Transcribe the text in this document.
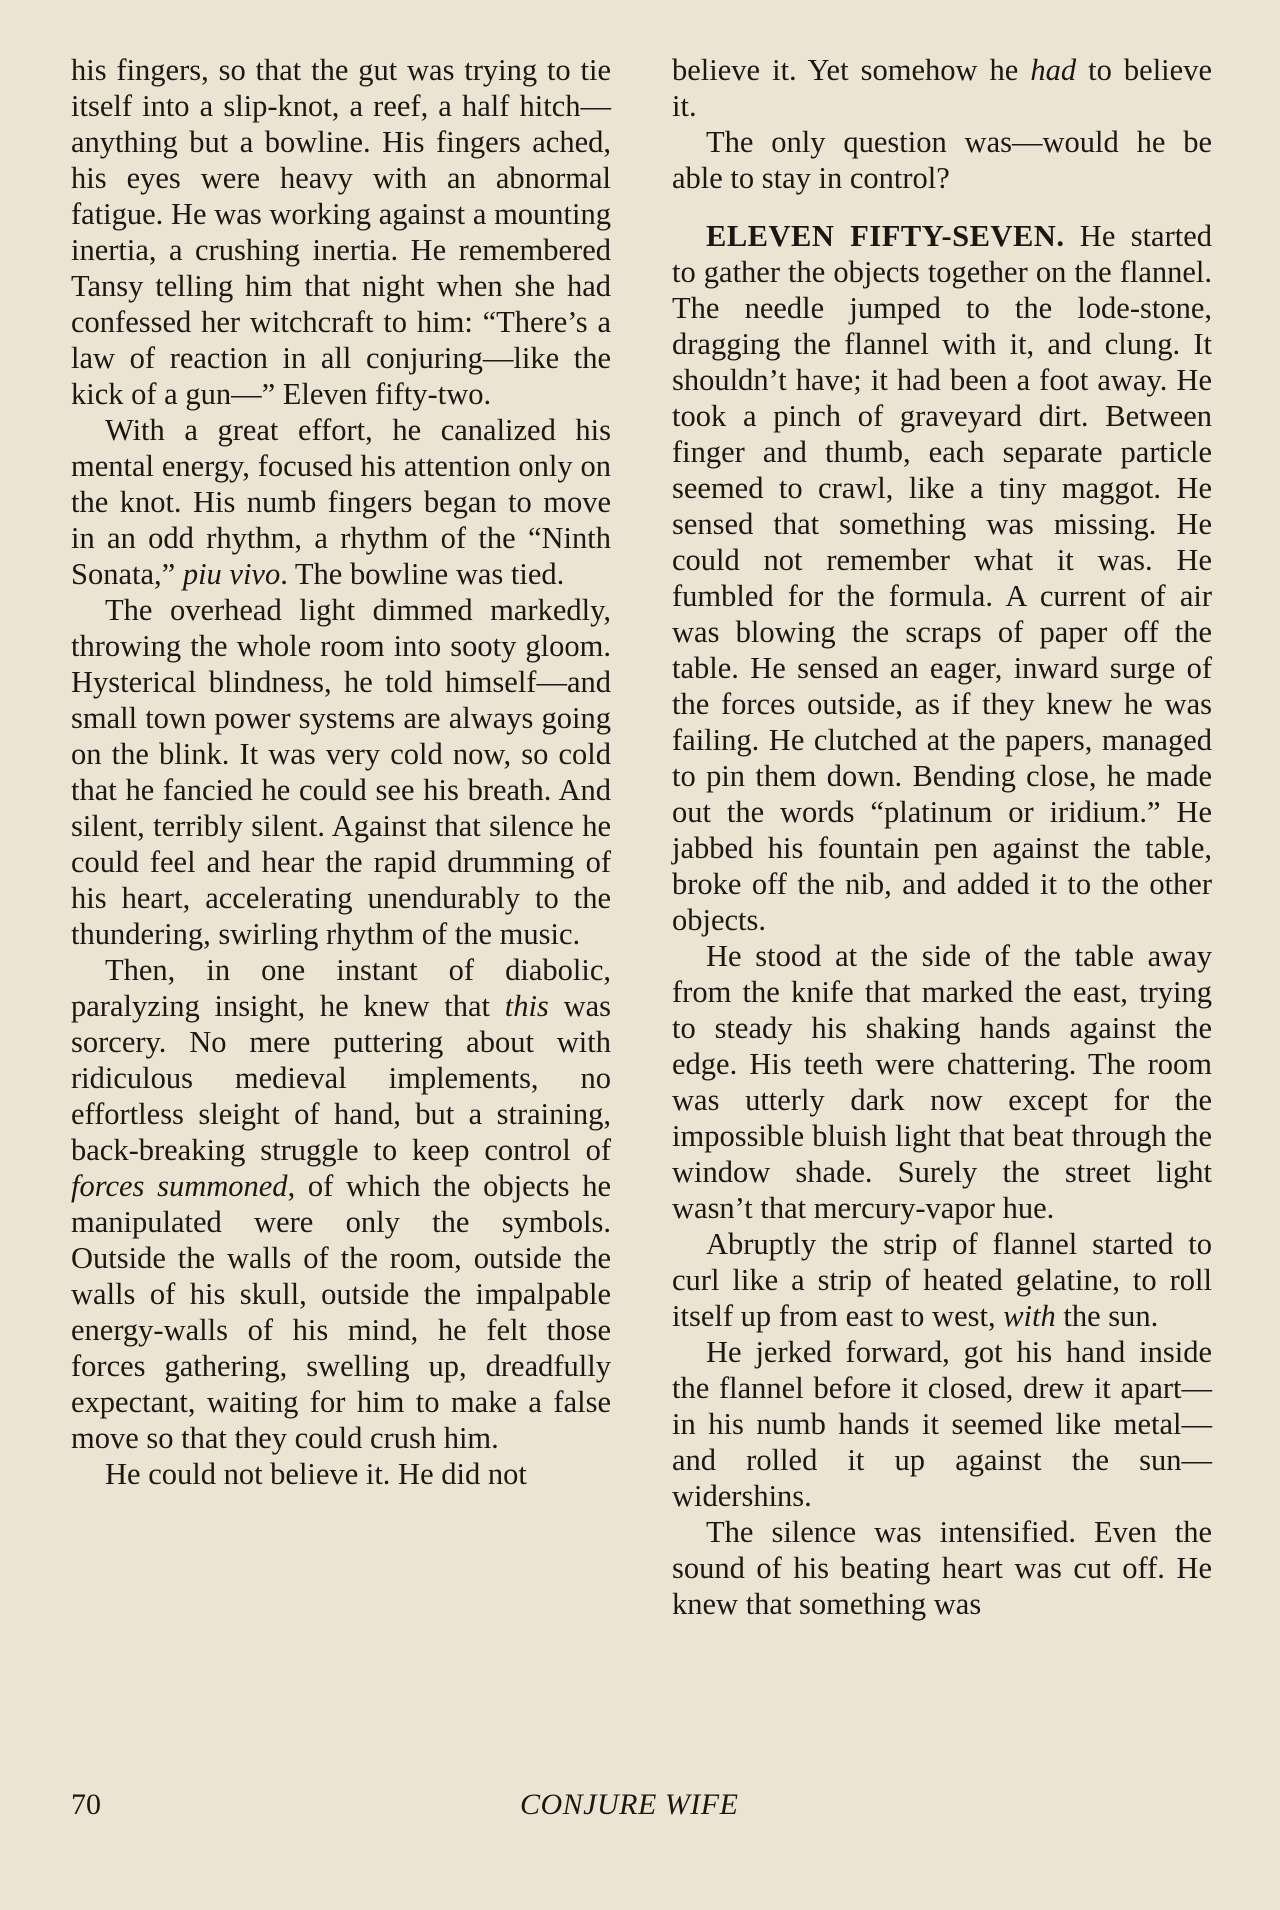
his fingers, so that the gut was trying to tie itself into a slip-knot, a reef, a half hitch—anything but a bowline. His fingers ached, his eyes were heavy with an abnormal fatigue. He was working against a mounting inertia, a crushing inertia. He remembered Tansy telling him that night when she had confessed her witchcraft to him: “There’s a law of reaction in all conjuring—like the kick of a gun—” Eleven fifty-two.

With a great effort, he canalized his mental energy, focused his attention only on the knot. His numb fingers began to move in an odd rhythm, a rhythm of the “Ninth Sonata,” piu vivo. The bowline was tied.

The overhead light dimmed markedly, throwing the whole room into sooty gloom. Hysterical blindness, he told himself—and small town power systems are always going on the blink. It was very cold now, so cold that he fancied he could see his breath. And silent, terribly silent. Against that silence he could feel and hear the rapid drumming of his heart, accelerating unendurably to the thundering, swirling rhythm of the music.

Then, in one instant of diabolic, paralyzing insight, he knew that this was sorcery. No mere puttering about with ridiculous medieval implements, no effortless sleight of hand, but a straining, back-breaking struggle to keep control of forces summoned, of which the objects he manipulated were only the symbols. Outside the walls of the room, outside the walls of his skull, outside the impalpable energy-walls of his mind, he felt those forces gathering, swelling up, dreadfully expectant, waiting for him to make a false move so that they could crush him.

He could not believe it. He did not

believe it. Yet somehow he had to believe it.

The only question was—would he be able to stay in control?

ELEVEN FIFTY-SEVEN. He started to gather the objects together on the flannel. The needle jumped to the lode-stone, dragging the flannel with it, and clung. It shouldn’t have; it had been a foot away. He took a pinch of graveyard dirt. Between finger and thumb, each separate particle seemed to crawl, like a tiny maggot. He sensed that something was missing. He could not remember what it was. He fumbled for the formula. A current of air was blowing the scraps of paper off the table. He sensed an eager, inward surge of the forces outside, as if they knew he was failing. He clutched at the papers, managed to pin them down. Bending close, he made out the words “platinum or iridium.” He jabbed his fountain pen against the table, broke off the nib, and added it to the other objects.

He stood at the side of the table away from the knife that marked the east, trying to steady his shaking hands against the edge. His teeth were chattering. The room was utterly dark now except for the impossible bluish light that beat through the window shade. Surely the street light wasn’t that mercury-vapor hue.

Abruptly the strip of flannel started to curl like a strip of heated gelatine, to roll itself up from east to west, with the sun.

He jerked forward, got his hand inside the flannel before it closed, drew it apart—in his numb hands it seemed like metal—and rolled it up against the sun—widershins.

The silence was intensified. Even the sound of his beating heart was cut off. He knew that something was

70	CONJURE WIFE
